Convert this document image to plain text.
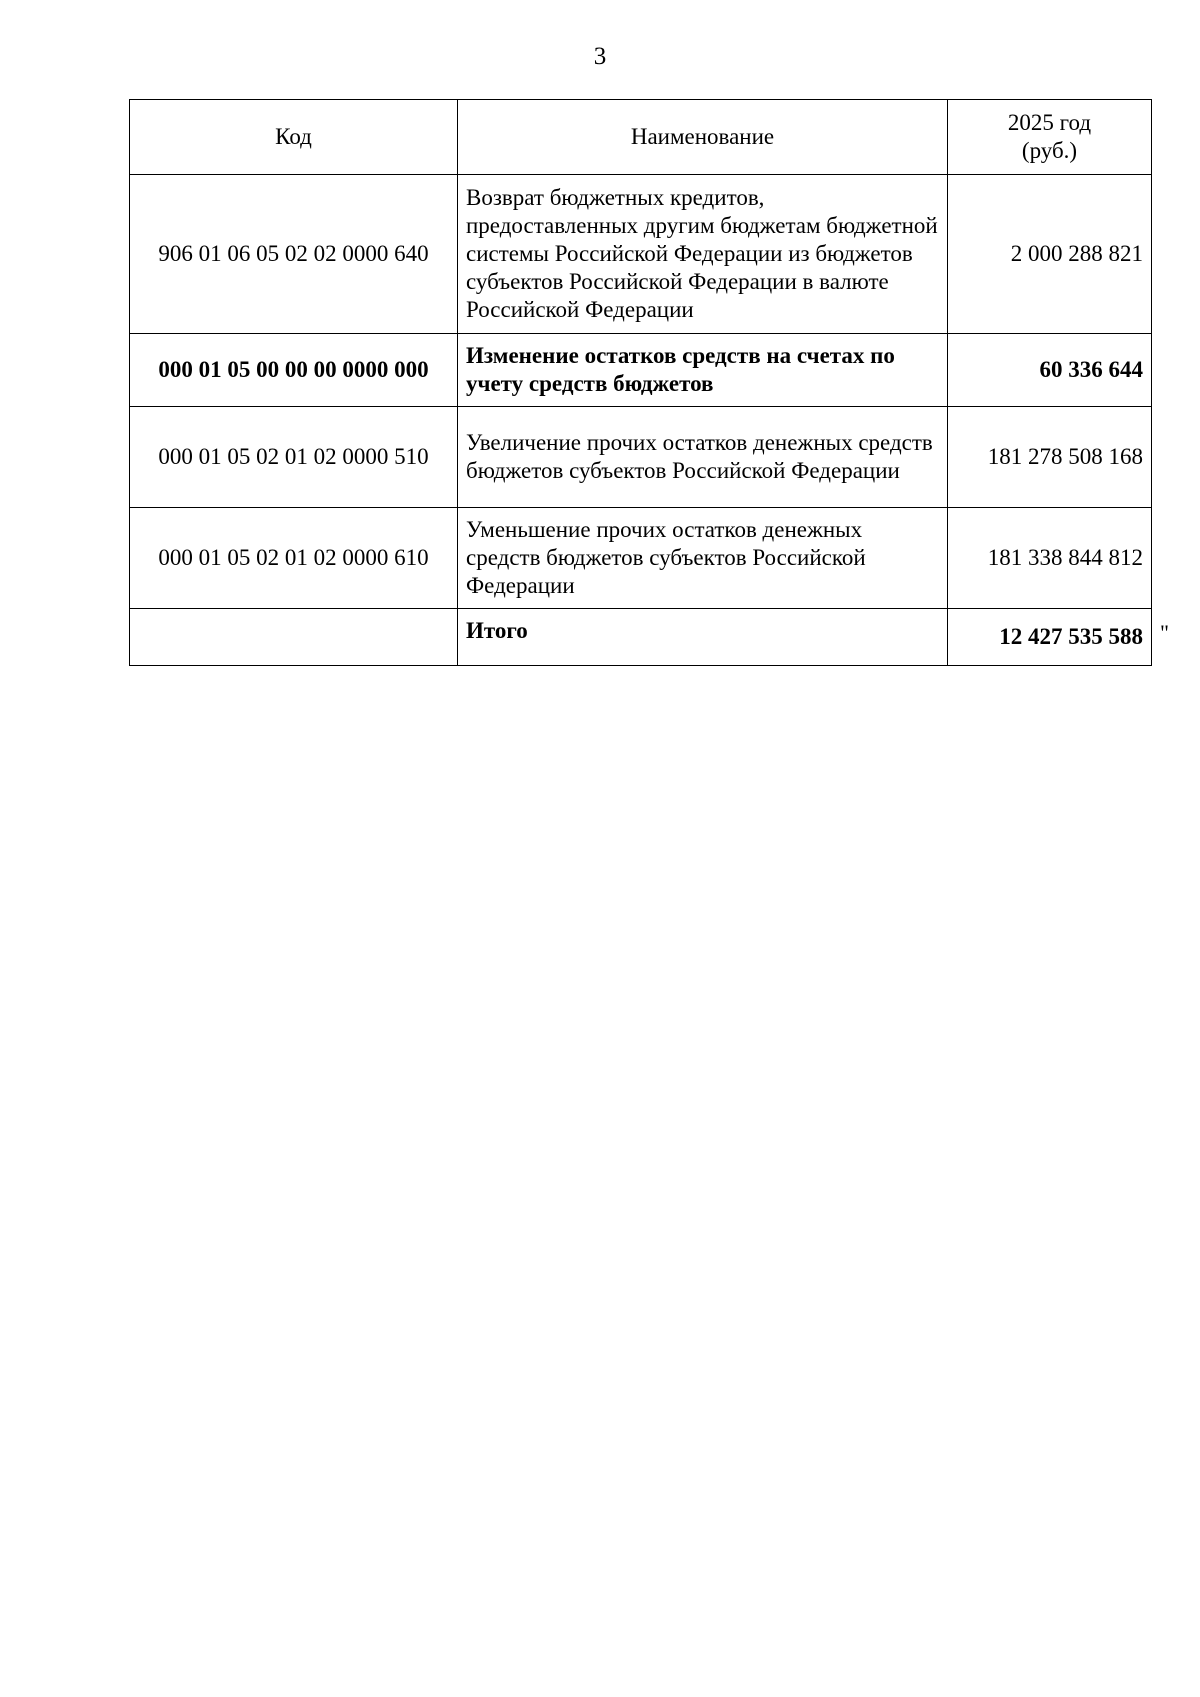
3
Код	Наименование	2025 год
(руб.)
906 01 06 05 02 02 0000 640	Возврат бюджетных кредитов, предоставленных другим бюджетам бюджетной системы Российской Федерации из бюджетов субъектов Российской Федерации в валюте Российской Федерации	2 000 288 821
000 01 05 00 00 00 0000 000	Изменение остатков средств на счетах по учету средств бюджетов	60 336 644
000 01 05 02 01 02 0000 510	Увеличение прочих остатков денежных средств бюджетов субъектов Российской Федерации	181 278 508 168
000 01 05 02 01 02 0000 610	Уменьшение прочих остатков денежных средств бюджетов субъектов Российской Федерации	181 338 844 812
	Итого	12 427 535 588 "
